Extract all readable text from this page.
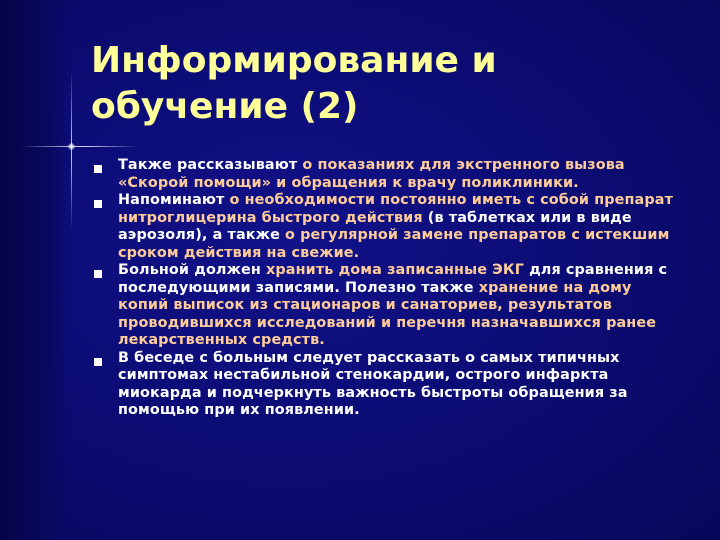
Информирование и
обучение (2)
Также рассказывают о показаниях для экстренного вызова «Скорой помощи» и обращения к врачу поликлиники.
Напоминают о необходимости постоянно иметь с собой препарат нитроглицерина быстрого действия (в таблетках или в виде аэрозоля), а также о регулярной замене препаратов с истекшим сроком действия на свежие.
Больной должен хранить дома записанные ЭКГ для сравнения с последующими записями. Полезно также хранение на дому копий выписок из стационаров и санаториев, результатов проводившихся исследований и перечня назначавшихся ранее лекарственных средств.
В беседе с больным следует рассказать о самых типичных симптомах нестабильной стенокардии, острого инфаркта миокарда и подчеркнуть важность быстроты обращения за помощью при их появлении.
